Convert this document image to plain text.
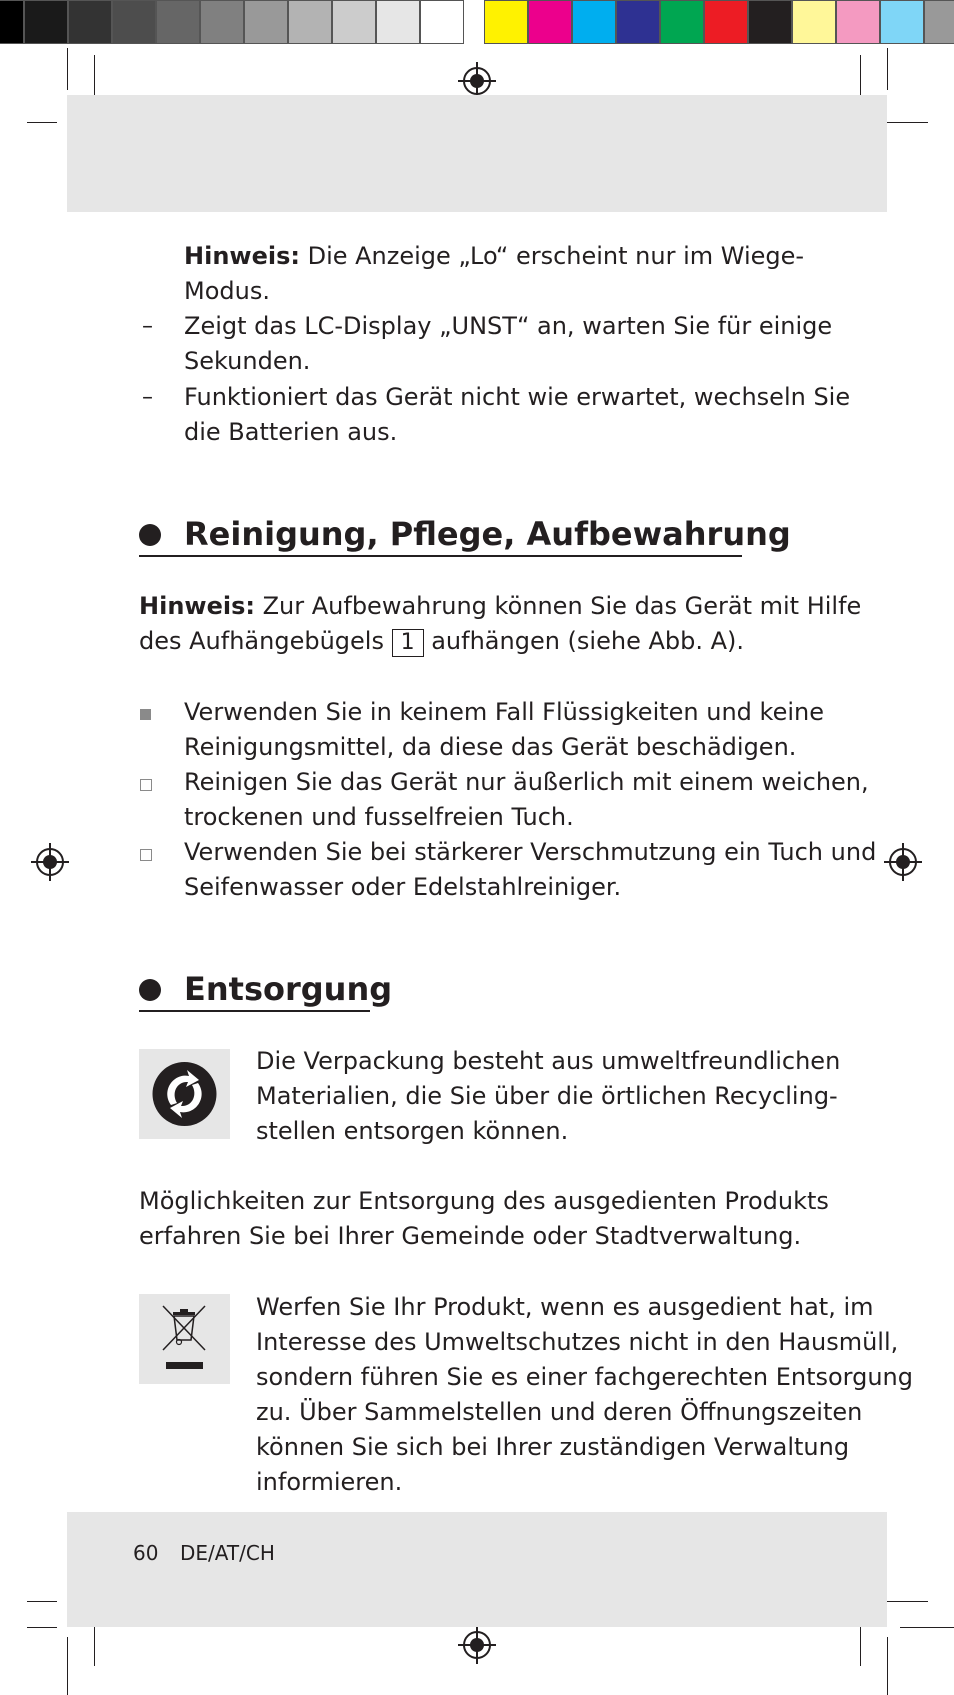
Hinweis: Die Anzeige „Lo“ erscheint nur im Wiege-

Modus.

– Zeigt das LC-Display „UNST“ an, warten Sie für einige

Sekunden.

– Funktioniert das Gerät nicht wie erwartet, wechseln Sie

die Batterien aus.

Reinigung, Pflege, Aufbewahrung

Hinweis: Zur Aufbewahrung können Sie das Gerät mit Hilfe

des Aufhängebügels 1 aufhängen (siehe Abb. A).

Verwenden Sie in keinem Fall Flüssigkeiten und keine

Reinigungsmittel, da diese das Gerät beschädigen.

Reinigen Sie das Gerät nur äußerlich mit einem weichen,

trockenen und fusselfreien Tuch.

Verwenden Sie bei stärkerer Verschmutzung ein Tuch und

Seifenwasser oder Edelstahlreiniger.

Entsorgung

Die Verpackung besteht aus umweltfreundlichen

Materialien, die Sie über die örtlichen Recycling-

stellen entsorgen können.

Möglichkeiten zur Entsorgung des ausgedienten Produkts

erfahren Sie bei Ihrer Gemeinde oder Stadtverwaltung.

Werfen Sie Ihr Produkt, wenn es ausgedient hat, im

Interesse des Umweltschutzes nicht in den Hausmüll,

sondern führen Sie es einer fachgerechten Entsorgung

zu. Über Sammelstellen und deren Öffnungszeiten

können Sie sich bei Ihrer zuständigen Verwaltung

informieren.

60 DE/AT/CH
